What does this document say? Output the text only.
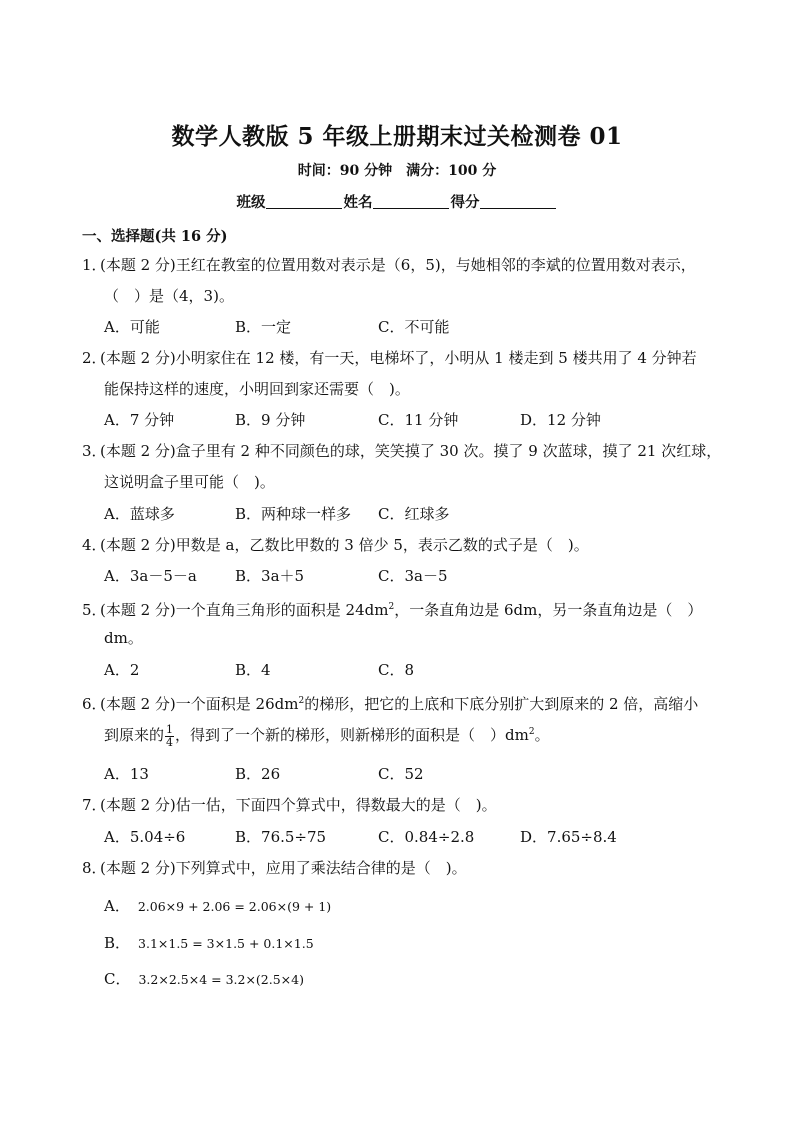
数学人教版 5 年级上册期末过关检测卷 01
时间：90 分钟　满分：100 分
班级	姓名	得分
一、选择题(共 16 分)
1．(本题 2 分)王红在教室的位置用数对表示是（6，5)，与她相邻的李斌的位置用数对表示，
（　）是（4，3)。
A．可能	B．一定	C．不可能
2．(本题 2 分)小明家住在 12 楼，有一天，电梯坏了，小明从 1 楼走到 5 楼共用了 4 分钟若
能保持这样的速度，小明回到家还需要（　)。
A．7 分钟	B．9 分钟	C．11 分钟	D．12 分钟
3．(本题 2 分)盒子里有 2 种不同颜色的球，笑笑摸了 30 次。摸了 9 次蓝球，摸了 21 次红球，
这说明盒子里可能（　)。
A．蓝球多	B．两种球一样多 C．红球多
4．(本题 2 分)甲数是 a，乙数比甲数的 3 倍少 5，表示乙数的式子是（　)。
A．3a－5－a	B．3a＋5	C．3a－5
5．(本题 2 分)一个直角三角形的面积是 $24dm^2$，一条直角边是 6dm，另一条直角边是（　）
dm。
A．2	B．4	C．8
6．(本题 2 分)一个面积是 $26dm^2$的梯形，把它的上底和下底分别扩大到原来的 2 倍，高缩小
到原来的 $\frac{1}{4}$ ，得到了一个新的梯形，则新梯形的面积是（　）$dm^2$。
A．13	B．26	C．52
7．(本题 2 分)估一估，下面四个算式中，得数最大的是（　)。
A．5.04÷6	B．76.5÷75	C．0.84÷2.8	D．7.65÷8.4
8．(本题 2 分)下列算式中，应用了乘法结合律的是（　)。
A． 2.06×9 + 2.06 = 2.06×(9 + 1)
B． 3.1×1.5 = 3×1.5 + 0.1×1.5
C． 3.2×2.5×4 = 3.2×(2.5×4)
